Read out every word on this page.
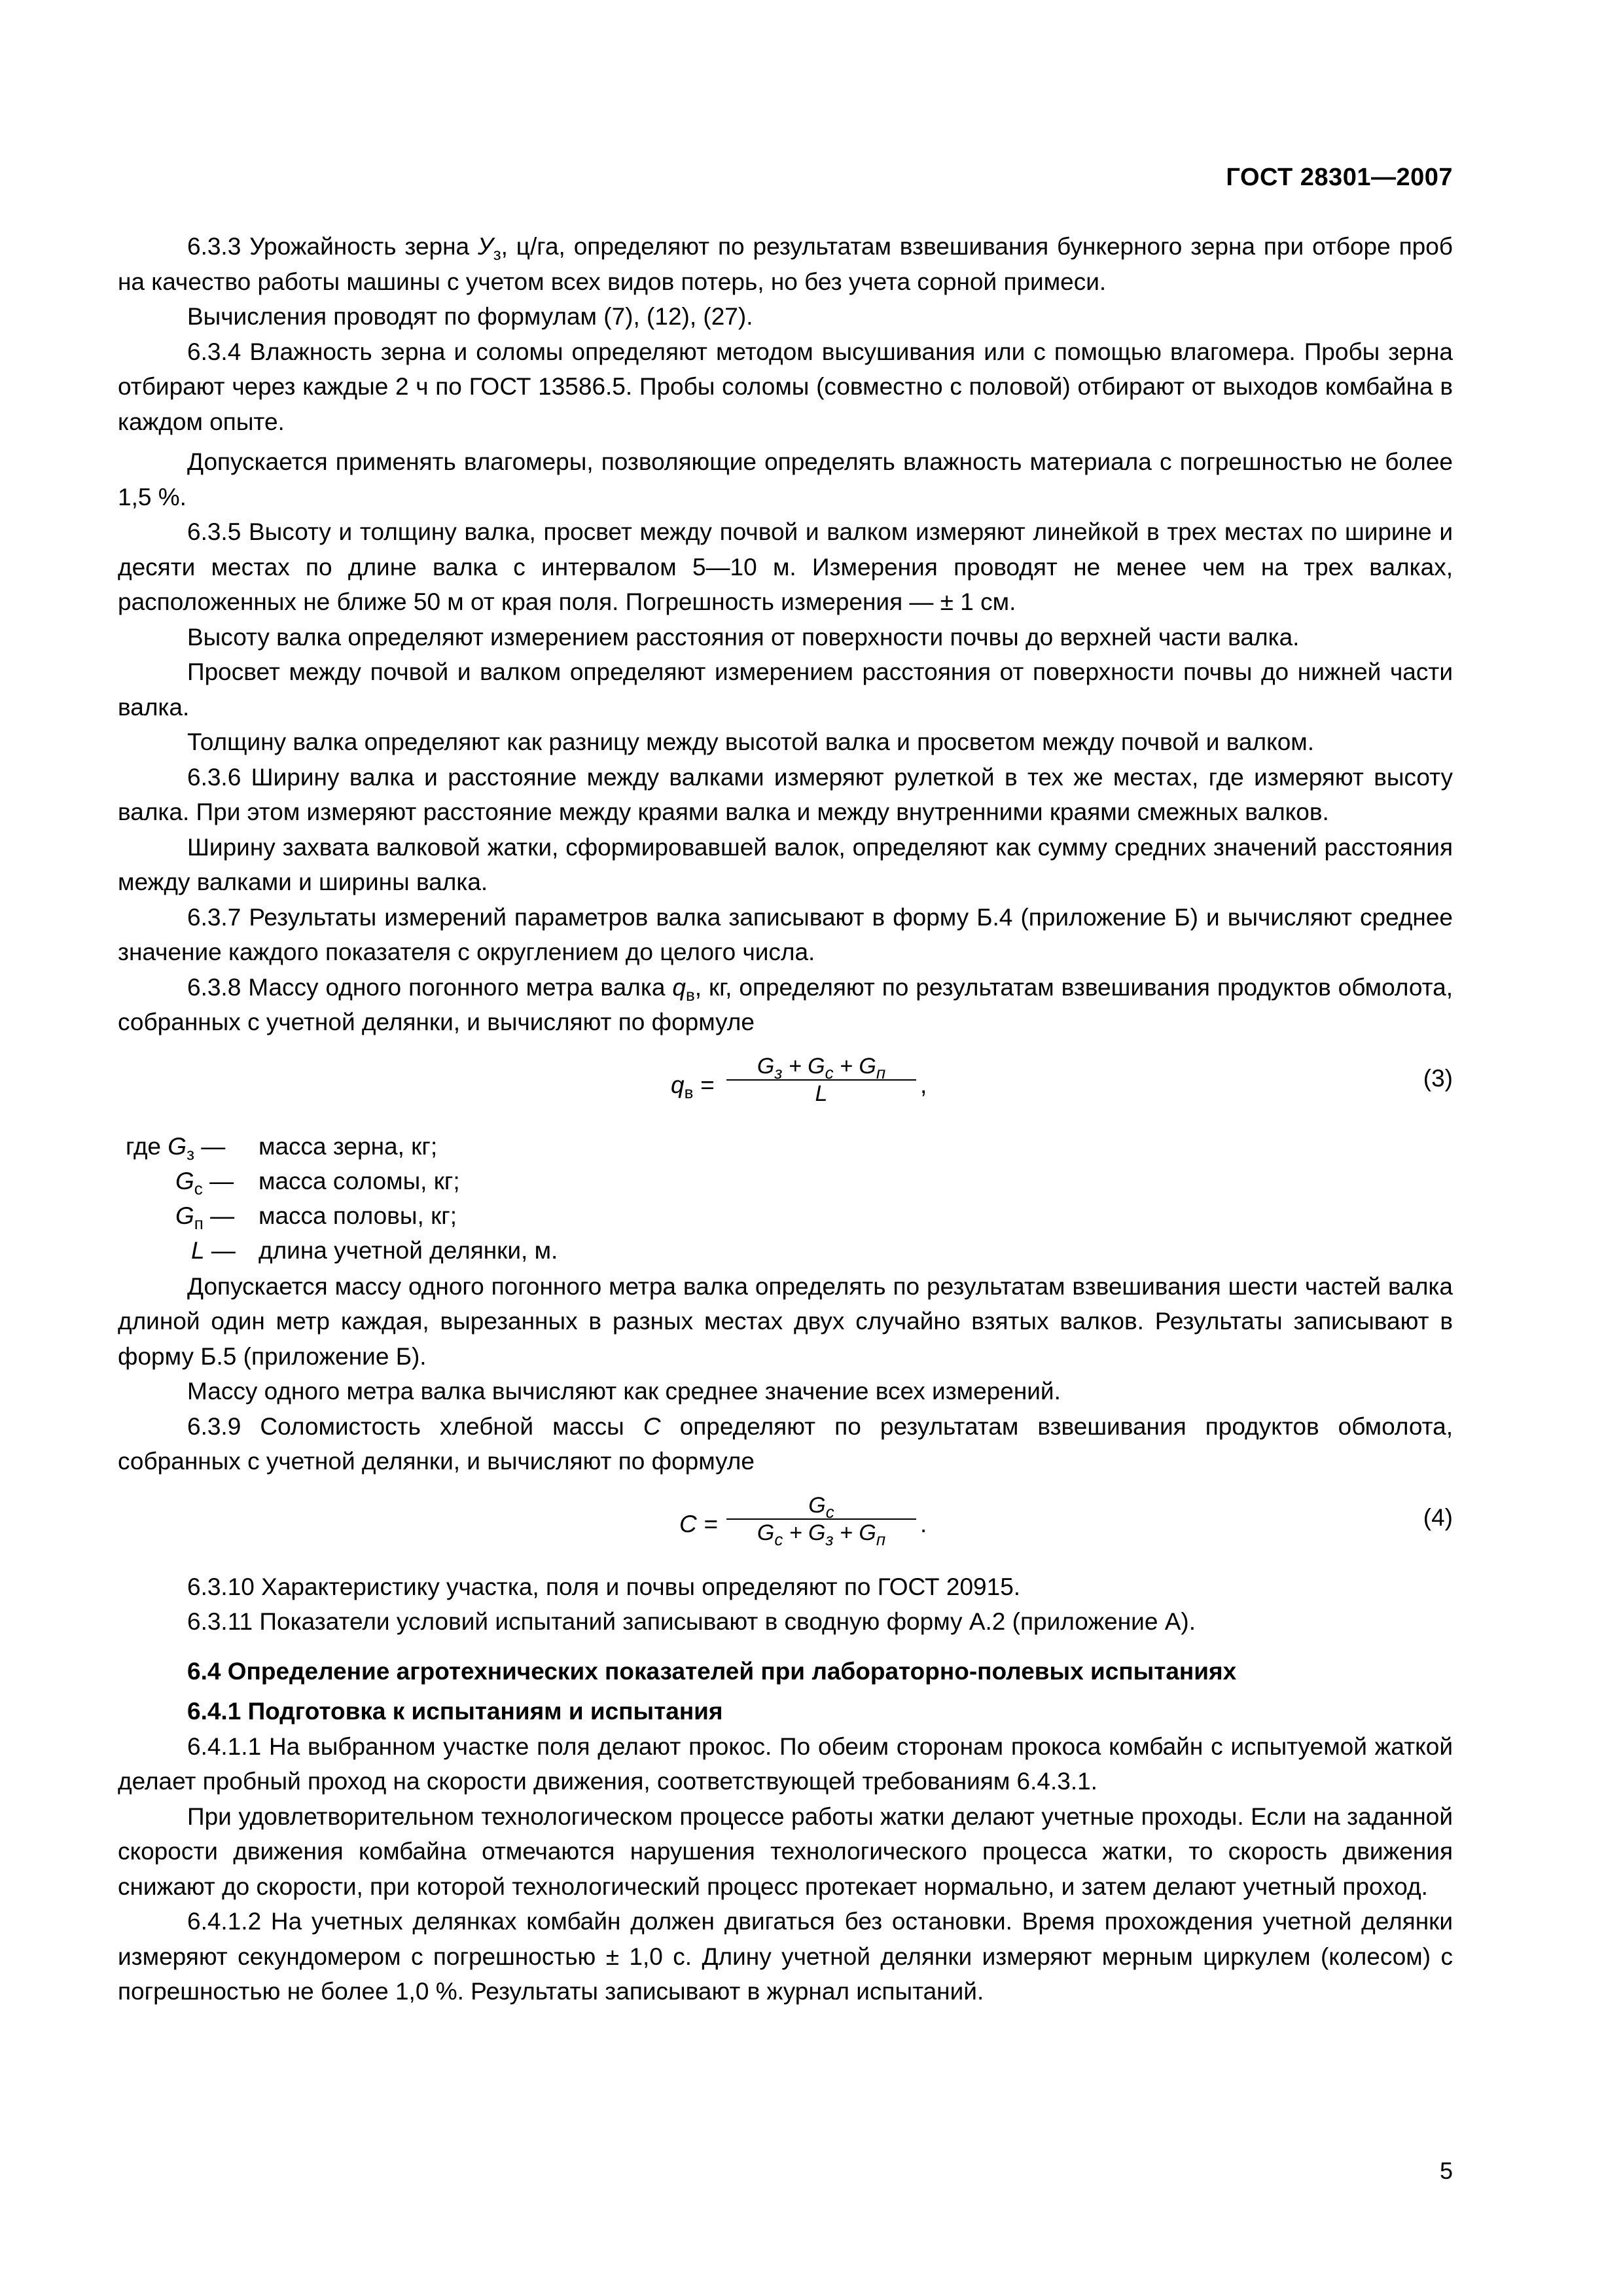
ГОСТ 28301—2007

6.3.3 Урожайность зерна $У_з$, ц/га, определяют по результатам взвешивания бункерного зерна при отборе проб на качество работы машины с учетом всех видов потерь, но без учета сорной примеси.

Вычисления проводят по формулам (7), (12), (27).

6.3.4 Влажность зерна и соломы определяют методом высушивания или с помощью влагомера. Пробы зерна отбирают через каждые 2 ч по ГОСТ 13586.5. Пробы соломы (совместно с половой) отбирают от выходов комбайна в каждом опыте.

Допускается применять влагомеры, позволяющие определять влажность материала с погрешностью не более 1,5 %.

6.3.5 Высоту и толщину валка, просвет между почвой и валком измеряют линейкой в трех местах по ширине и десяти местах по длине валка с интервалом 5—10 м. Измерения проводят не менее чем на трех валках, расположенных не ближе 50 м от края поля. Погрешность измерения — ± 1 см.

Высоту валка определяют измерением расстояния от поверхности почвы до верхней части валка.

Просвет между почвой и валком определяют измерением расстояния от поверхности почвы до нижней части валка.

Толщину валка определяют как разницу между высотой валка и просветом между почвой и валком.

6.3.6 Ширину валка и расстояние между валками измеряют рулеткой в тех же местах, где измеряют высоту валка. При этом измеряют расстояние между краями валка и между внутренними краями смежных валков.

Ширину захвата валковой жатки, сформировавшей валок, определяют как сумму средних значений расстояния между валками и ширины валка.

6.3.7 Результаты измерений параметров валка записывают в форму Б.4 (приложение Б) и вычисляют среднее значение каждого показателя с округлением до целого числа.

6.3.8 Массу одного погонного метра валка $q_в$, кг, определяют по результатам взвешивания продуктов обмолота, собранных с учетной делянки, и вычисляют по формуле

$q_в$ =
$G_з + G_с + G_п$
L	,	(3)
где $G_з$ — масса зерна, кг;
$G_с$ — масса соломы, кг;
$G_п$ — масса половы, кг;
L — длина учетной делянки, м.

Допускается массу одного погонного метра валка определять по результатам взвешивания шести частей валка длиной один метр каждая, вырезанных в разных местах двух случайно взятых валков. Результаты записывают в форму Б.5 (приложение Б).

Массу одного метра валка вычисляют как среднее значение всех измерений.

6.3.9 Соломистость хлебной массы C определяют по результатам взвешивания продуктов обмолота, собранных с учетной делянки, и вычисляют по формуле

C =
$G_с$
$G_с + G_з + G_п$
.	(4)

6.3.10 Характеристику участка, поля и почвы определяют по ГОСТ 20915.

6.3.11 Показатели условий испытаний записывают в сводную форму А.2 (приложение А).

6.4 Определение агротехнических показателей при лабораторно-полевых испытаниях

6.4.1 Подготовка к испытаниям и испытания

6.4.1.1 На выбранном участке поля делают прокос. По обеим сторонам прокоса комбайн с испытуемой жаткой делает пробный проход на скорости движения, соответствующей требованиям 6.4.3.1.

При удовлетворительном технологическом процессе работы жатки делают учетные проходы. Если на заданной скорости движения комбайна отмечаются нарушения технологического процесса жатки, то скорость движения снижают до скорости, при которой технологический процесс протекает нормально, и затем делают учетный проход.

6.4.1.2 На учетных делянках комбайн должен двигаться без остановки. Время прохождения учетной делянки измеряют секундомером с погрешностью ± 1,0 с. Длину учетной делянки измеряют мерным циркулем (колесом) с погрешностью не более 1,0 %. Результаты записывают в журнал испытаний.

5
